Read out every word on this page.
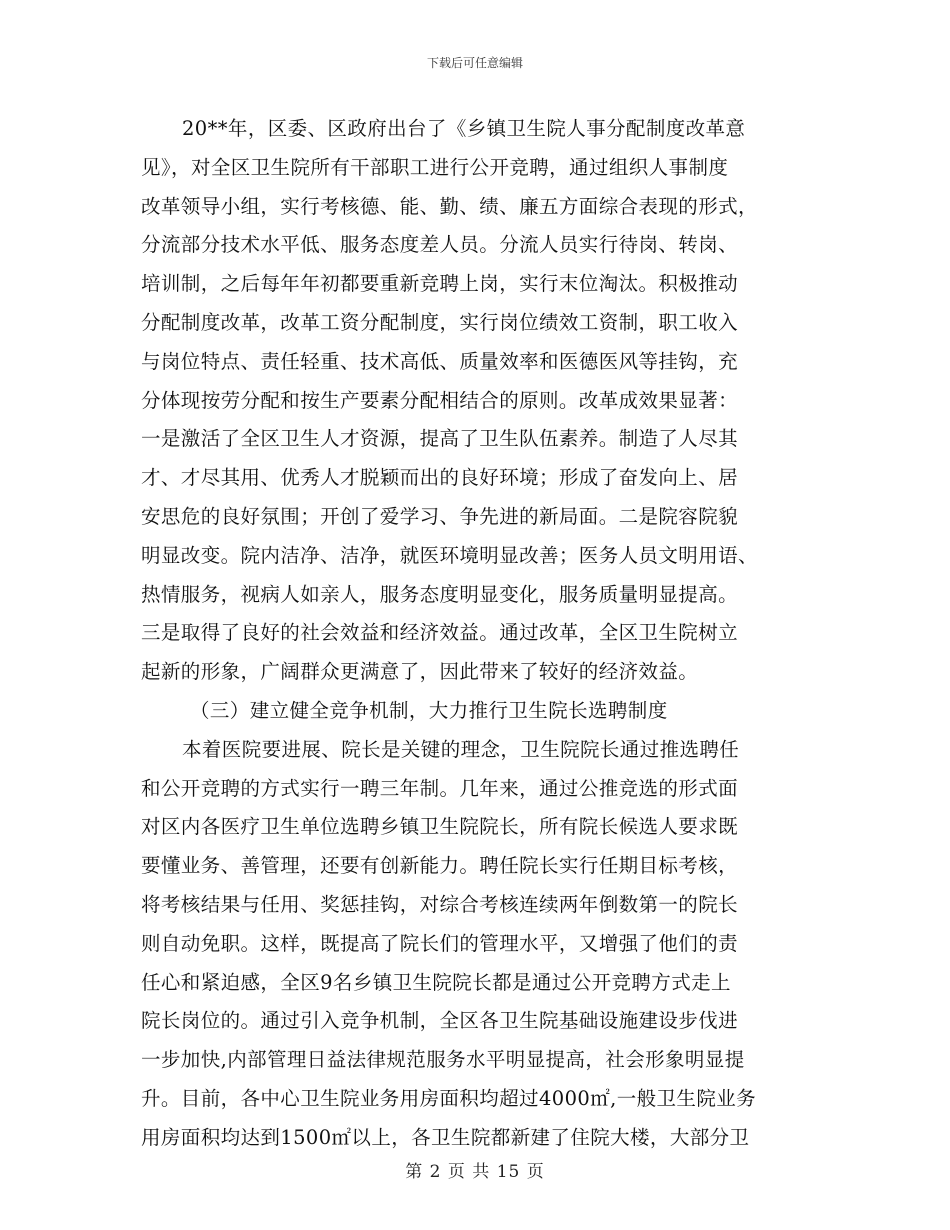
下载后可任意编辑
20**年，区委、区政府出台了《乡镇卫生院人事分配制度改革意
见》，对全区卫生院所有干部职工进行公开竞聘，通过组织人事制度
改革领导小组，实行考核德、能、勤、绩、廉五方面综合表现的形式，
分流部分技术水平低、服务态度差人员。分流人员实行待岗、转岗、
培训制，之后每年年初都要重新竞聘上岗，实行末位淘汰。积极推动
分配制度改革，改革工资分配制度，实行岗位绩效工资制，职工收入
与岗位特点、责任轻重、技术高低、质量效率和医德医风等挂钩，充
分体现按劳分配和按生产要素分配相结合的原则。改革成效果显著：
一是激活了全区卫生人才资源，提高了卫生队伍素养。制造了人尽其
才、才尽其用、优秀人才脱颖而出的良好环境；形成了奋发向上、居
安思危的良好氛围；开创了爱学习、争先进的新局面。二是院容院貌
明显改变。院内洁净、洁净，就医环境明显改善；医务人员文明用语、
热情服务，视病人如亲人，服务态度明显变化，服务质量明显提高。
三是取得了良好的社会效益和经济效益。通过改革，全区卫生院树立
起新的形象，广阔群众更满意了，因此带来了较好的经济效益。
（三）建立健全竞争机制，大力推行卫生院长选聘制度
本着医院要进展、院长是关键的理念，卫生院院长通过推选聘任
和公开竞聘的方式实行一聘三年制。几年来，通过公推竞选的形式面
对区内各医疗卫生单位选聘乡镇卫生院院长，所有院长候选人要求既
要懂业务、善管理，还要有创新能力。聘任院长实行任期目标考核，
将考核结果与任用、奖惩挂钩，对综合考核连续两年倒数第一的院长
则自动免职。这样，既提高了院长们的管理水平，又增强了他们的责
任心和紧迫感，全区9名乡镇卫生院院长都是通过公开竞聘方式走上
院长岗位的。通过引入竞争机制，全区各卫生院基础设施建设步伐进
一步加快,内部管理日益法律规范服务水平明显提高，社会形象明显提
升。目前，各中心卫生院业务用房面积均超过4000㎡,一般卫生院业务
用房面积均达到1500㎡以上，各卫生院都新建了住院大楼，大部分卫
第 2 页 共 15 页
